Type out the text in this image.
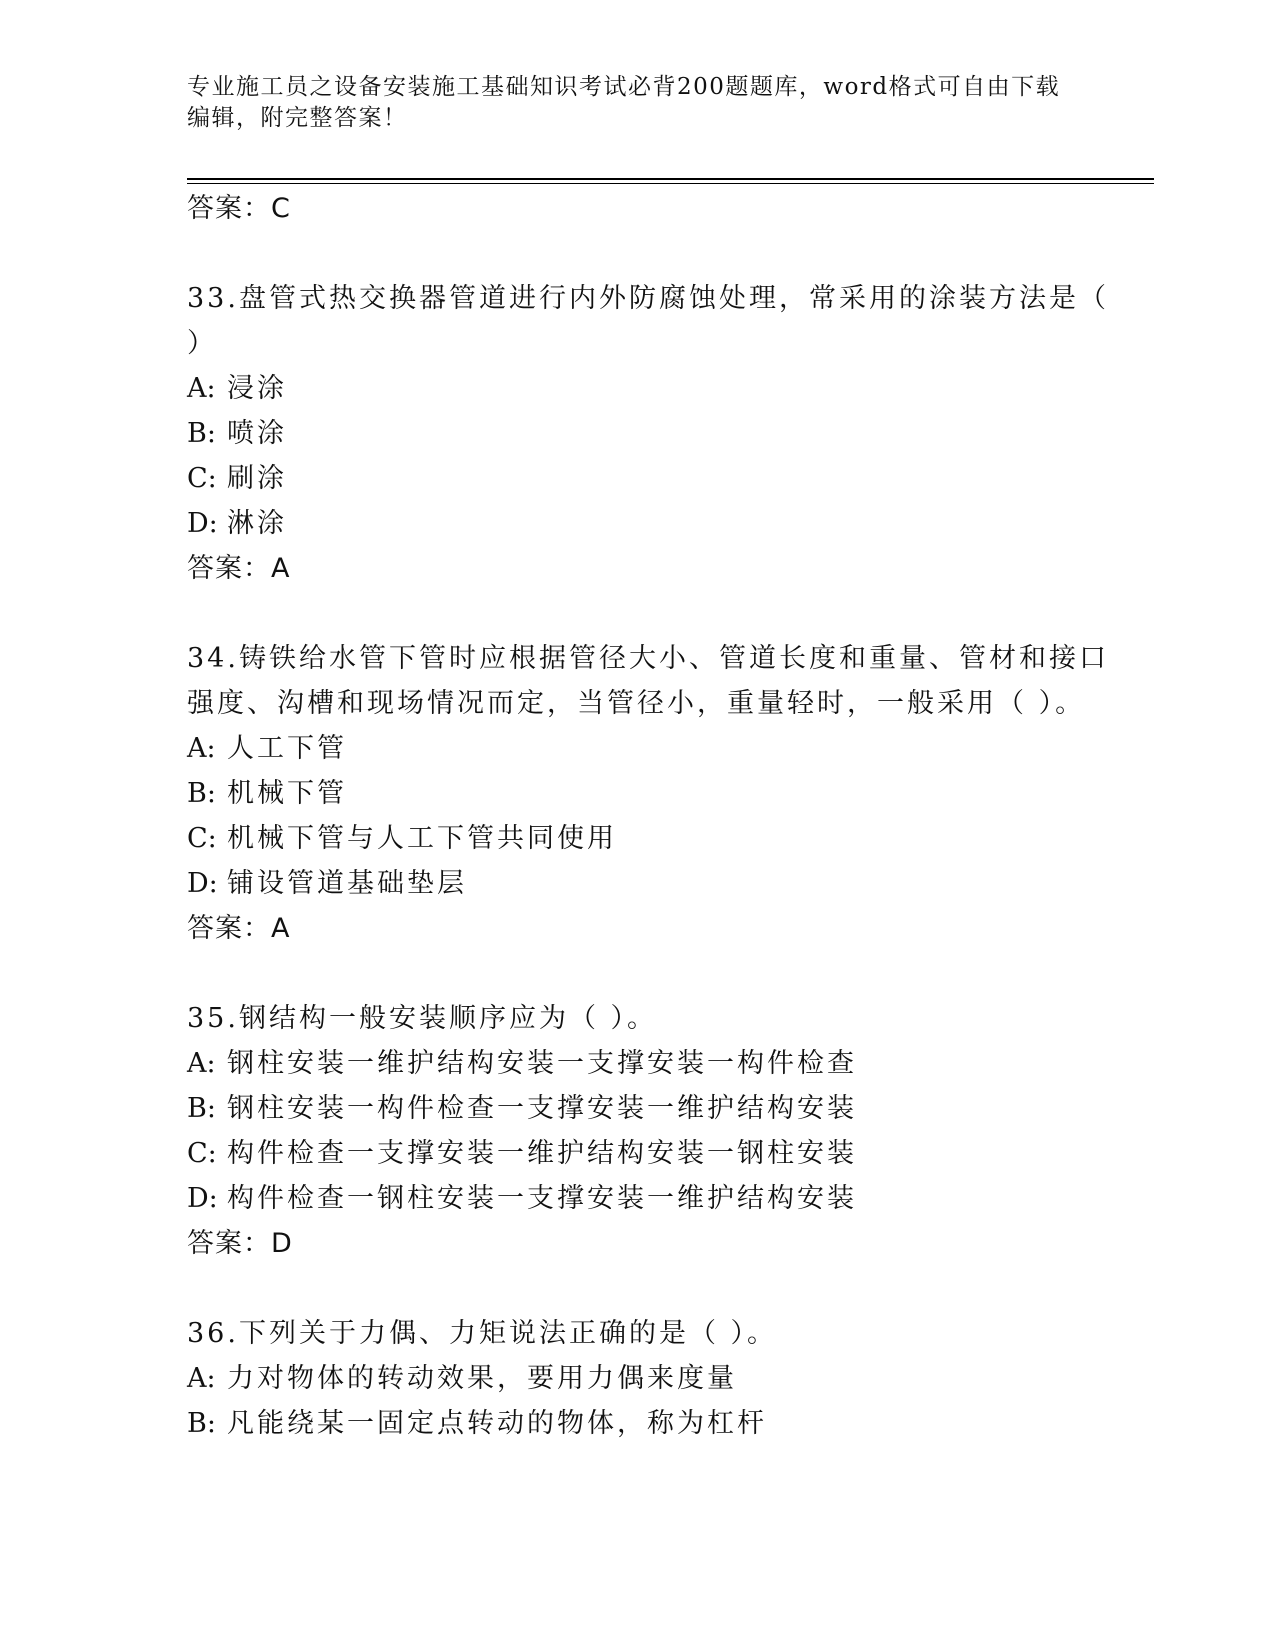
专业施工员之设备安装施工基础知识考试必背200题题库，word格式可自由下载
编辑，附完整答案！
答案：C
33.盘管式热交换器管道进行内外防腐蚀处理，常采用的涂装方法是（
）
A: 浸涂
B: 喷涂
C: 刷涂
D: 淋涂
答案：A
34.铸铁给水管下管时应根据管径大小、管道长度和重量、管材和接口
强度、沟槽和现场情况而定，当管径小，重量轻时，一般采用（ ）。
A: 人工下管
B: 机械下管
C: 机械下管与人工下管共同使用
D: 铺设管道基础垫层
答案：A
35.钢结构一般安装顺序应为（ ）。
A: 钢柱安装一维护结构安装一支撑安装一构件检查
B: 钢柱安装一构件检查一支撑安装一维护结构安装
C: 构件检查一支撑安装一维护结构安装一钢柱安装
D: 构件检查一钢柱安装一支撑安装一维护结构安装
答案：D
36.下列关于力偶、力矩说法正确的是（ ）。
A: 力对物体的转动效果，要用力偶来度量
B: 凡能绕某一固定点转动的物体，称为杠杆
